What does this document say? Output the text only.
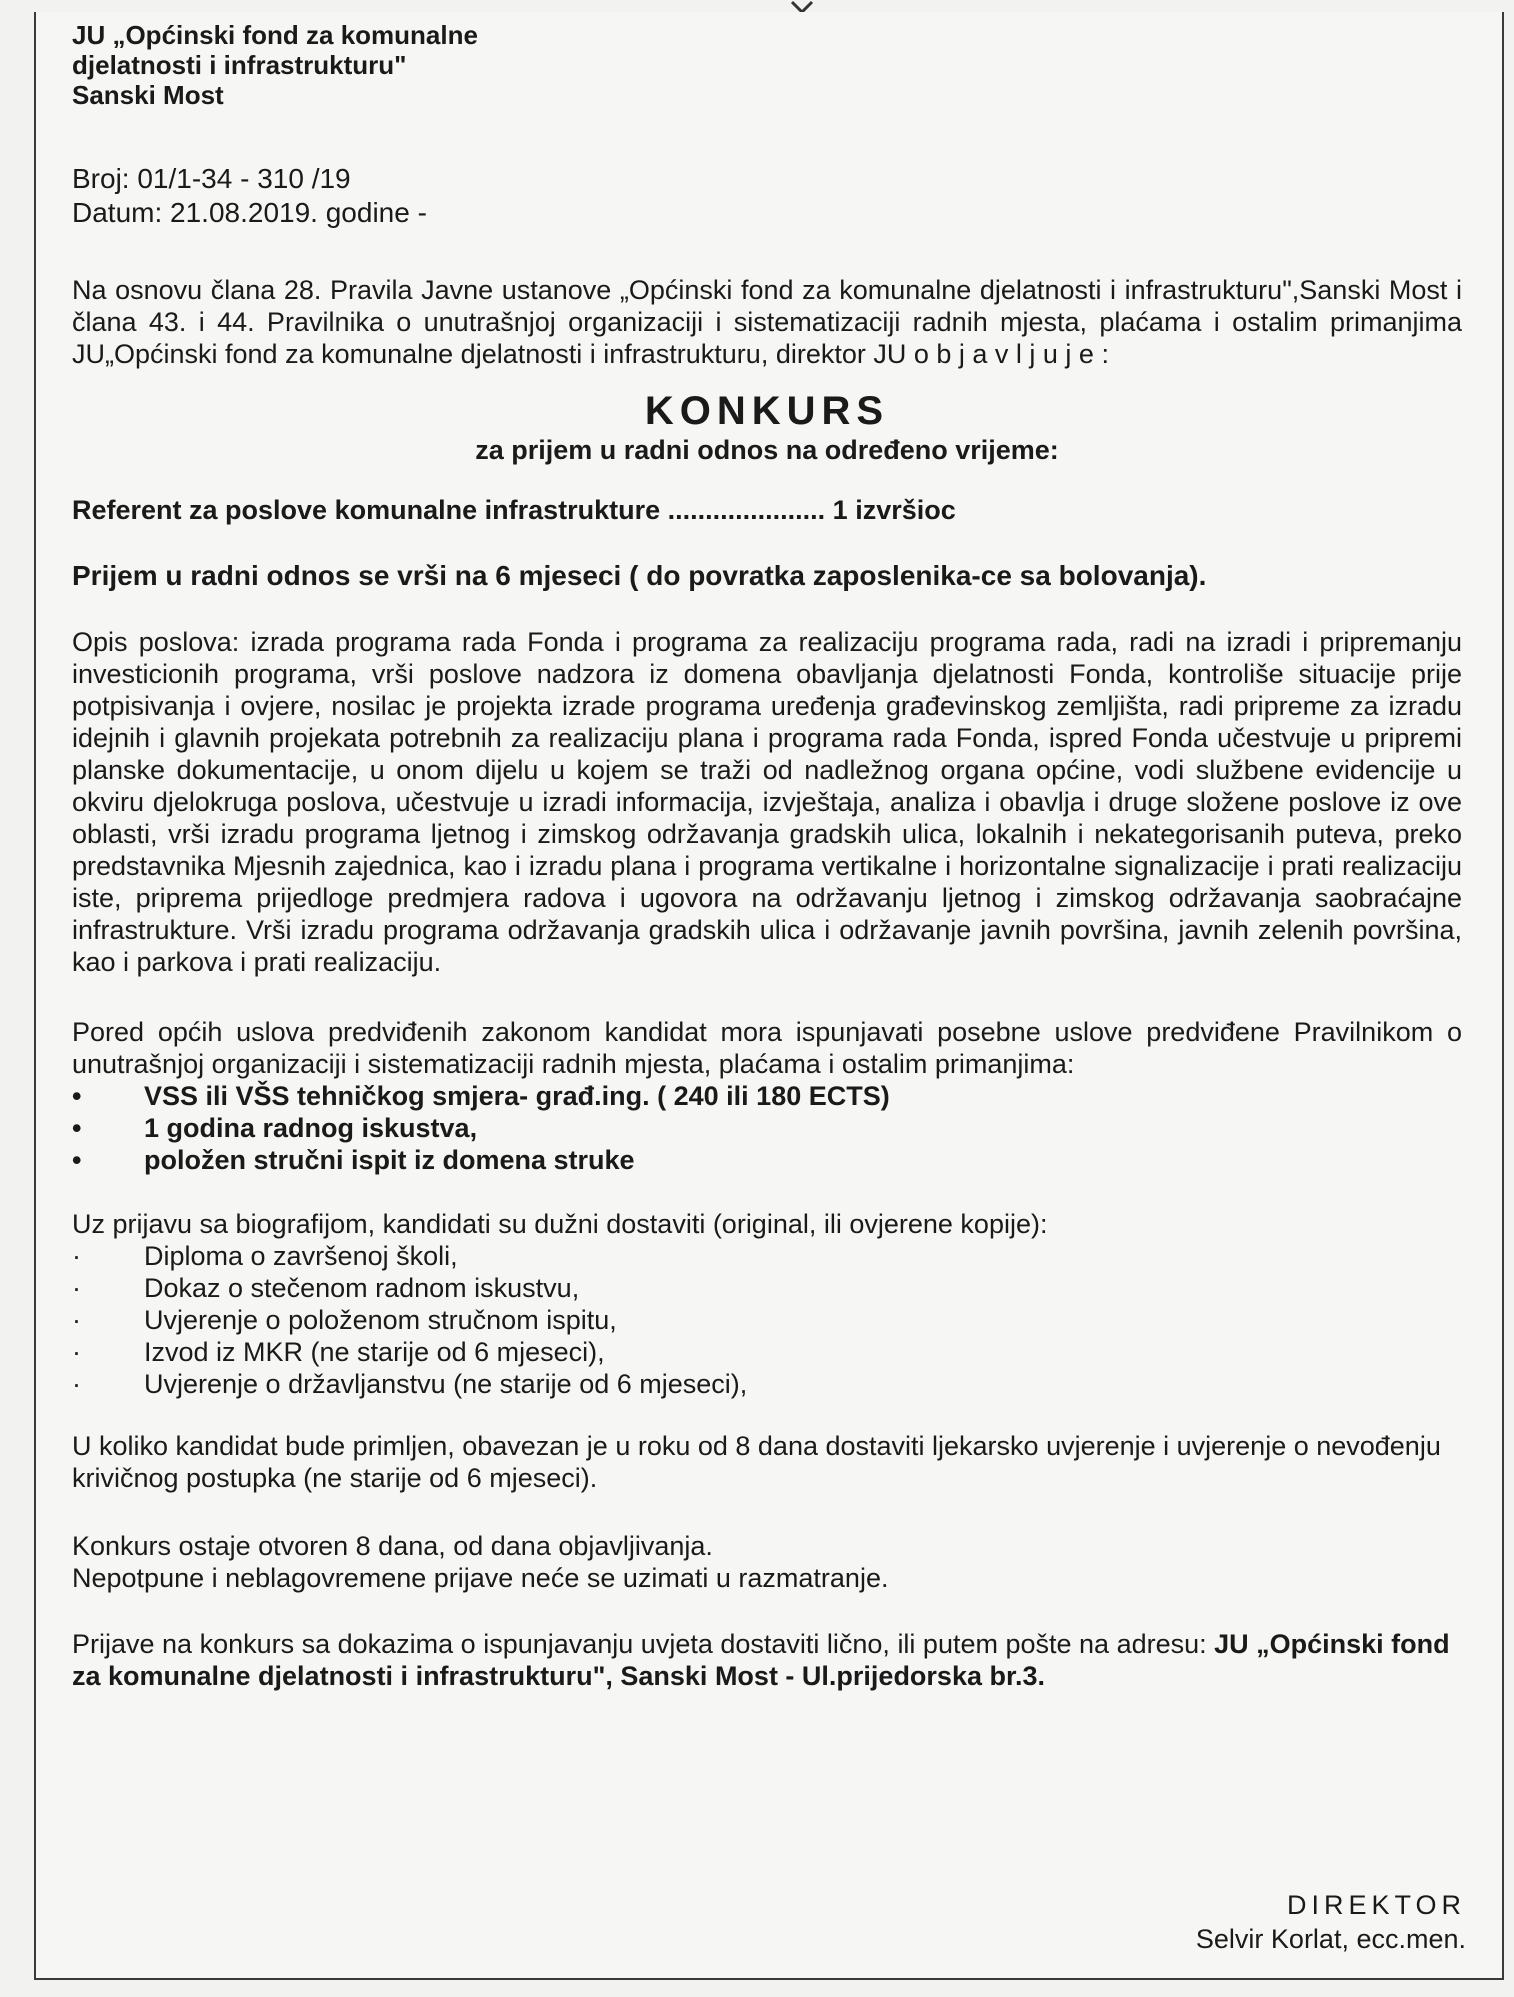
JU „Općinski fond za komunalne

djelatnosti i infrastrukturu"

Sanski Most

Broj: 01/1-34 - 310 /19
Datum: 21.08.2019. godine -
Na osnovu člana 28. Pravila Javne ustanove „Općinski fond za komunalne djelatnosti i infrastrukturu",Sanski Most i člana 43. i 44. Pravilnika o unutrašnjoj organizaciji i sistematizaciji radnih mjesta, plaćama i ostalim primanjima JU„Općinski fond za komunalne djelatnosti i infrastrukturu, direktor JU o b j a v l j u j e :
KONKURS
za prijem u radni odnos na određeno vrijeme:
Referent za poslove komunalne infrastrukture ..................... 1 izvršioc
Prijem u radni odnos se vrši na 6 mjeseci ( do povratka zaposlenika-ce sa bolovanja).
Opis poslova: izrada programa rada Fonda i programa za realizaciju programa rada, radi na izradi i pripremanju investicionih programa, vrši poslove nadzora iz domena obavljanja djelatnosti Fonda, kontroliše situacije prije potpisivanja i ovjere, nosilac je projekta izrade programa uređenja građevinskog zemljišta, radi pripreme za izradu idejnih i glavnih projekata potrebnih za realizaciju plana i programa rada Fonda, ispred Fonda učestvuje u pripremi planske dokumentacije, u onom dijelu u kojem se traži od nadležnog organa općine, vodi službene evidencije u okviru djelokruga poslova, učestvuje u izradi informacija, izvještaja, analiza i obavlja i druge složene poslove iz ove oblasti, vrši izradu programa ljetnog i zimskog održavanja gradskih ulica, lokalnih i nekategorisanih puteva, preko predstavnika Mjesnih zajednica, kao i izradu plana i programa vertikalne i horizontalne signalizacije i prati realizaciju iste, priprema prijedloge predmjera radova i ugovora na održavanju ljetnog i zimskog održavanja saobraćajne infrastrukture. Vrši izradu programa održavanja gradskih ulica i održavanje javnih površina, javnih zelenih površina, kao i parkova i prati realizaciju.
Pored općih uslova predviđenih zakonom kandidat mora ispunjavati posebne uslove predviđene Pravilnikom o unutrašnjoj organizaciji i sistematizaciji radnih mjesta, plaćama i ostalim primanjima:
• VSS ili VŠS tehničkog smjera- građ.ing. ( 240 ili 180 ECTS)
• 1 godina radnog iskustva,
• položen stručni ispit iz domena struke
Uz prijavu sa biografijom, kandidati su dužni dostaviti (original, ili ovjerene kopije):
· Diploma o završenoj školi,
· Dokaz o stečenom radnom iskustvu,
· Uvjerenje o položenom stručnom ispitu,
· Izvod iz MKR (ne starije od 6 mjeseci),
· Uvjerenje o državljanstvu (ne starije od 6 mjeseci),
U koliko kandidat bude primljen, obavezan je u roku od 8 dana dostaviti ljekarsko uvjerenje i uvjerenje o nevođenju krivičnog postupka (ne starije od 6 mjeseci).
Konkurs ostaje otvoren 8 dana, od dana objavljivanja.
Nepotpune i neblagovremene prijave neće se uzimati u razmatranje.
Prijave na konkurs sa dokazima o ispunjavanju uvjeta dostaviti lično, ili putem pošte na adresu: JU „Općinski fond za komunalne djelatnosti i infrastrukturu", Sanski Most - Ul.prijedorska br.3.
DIREKTOR
Selvir Korlat, ecc.men.
